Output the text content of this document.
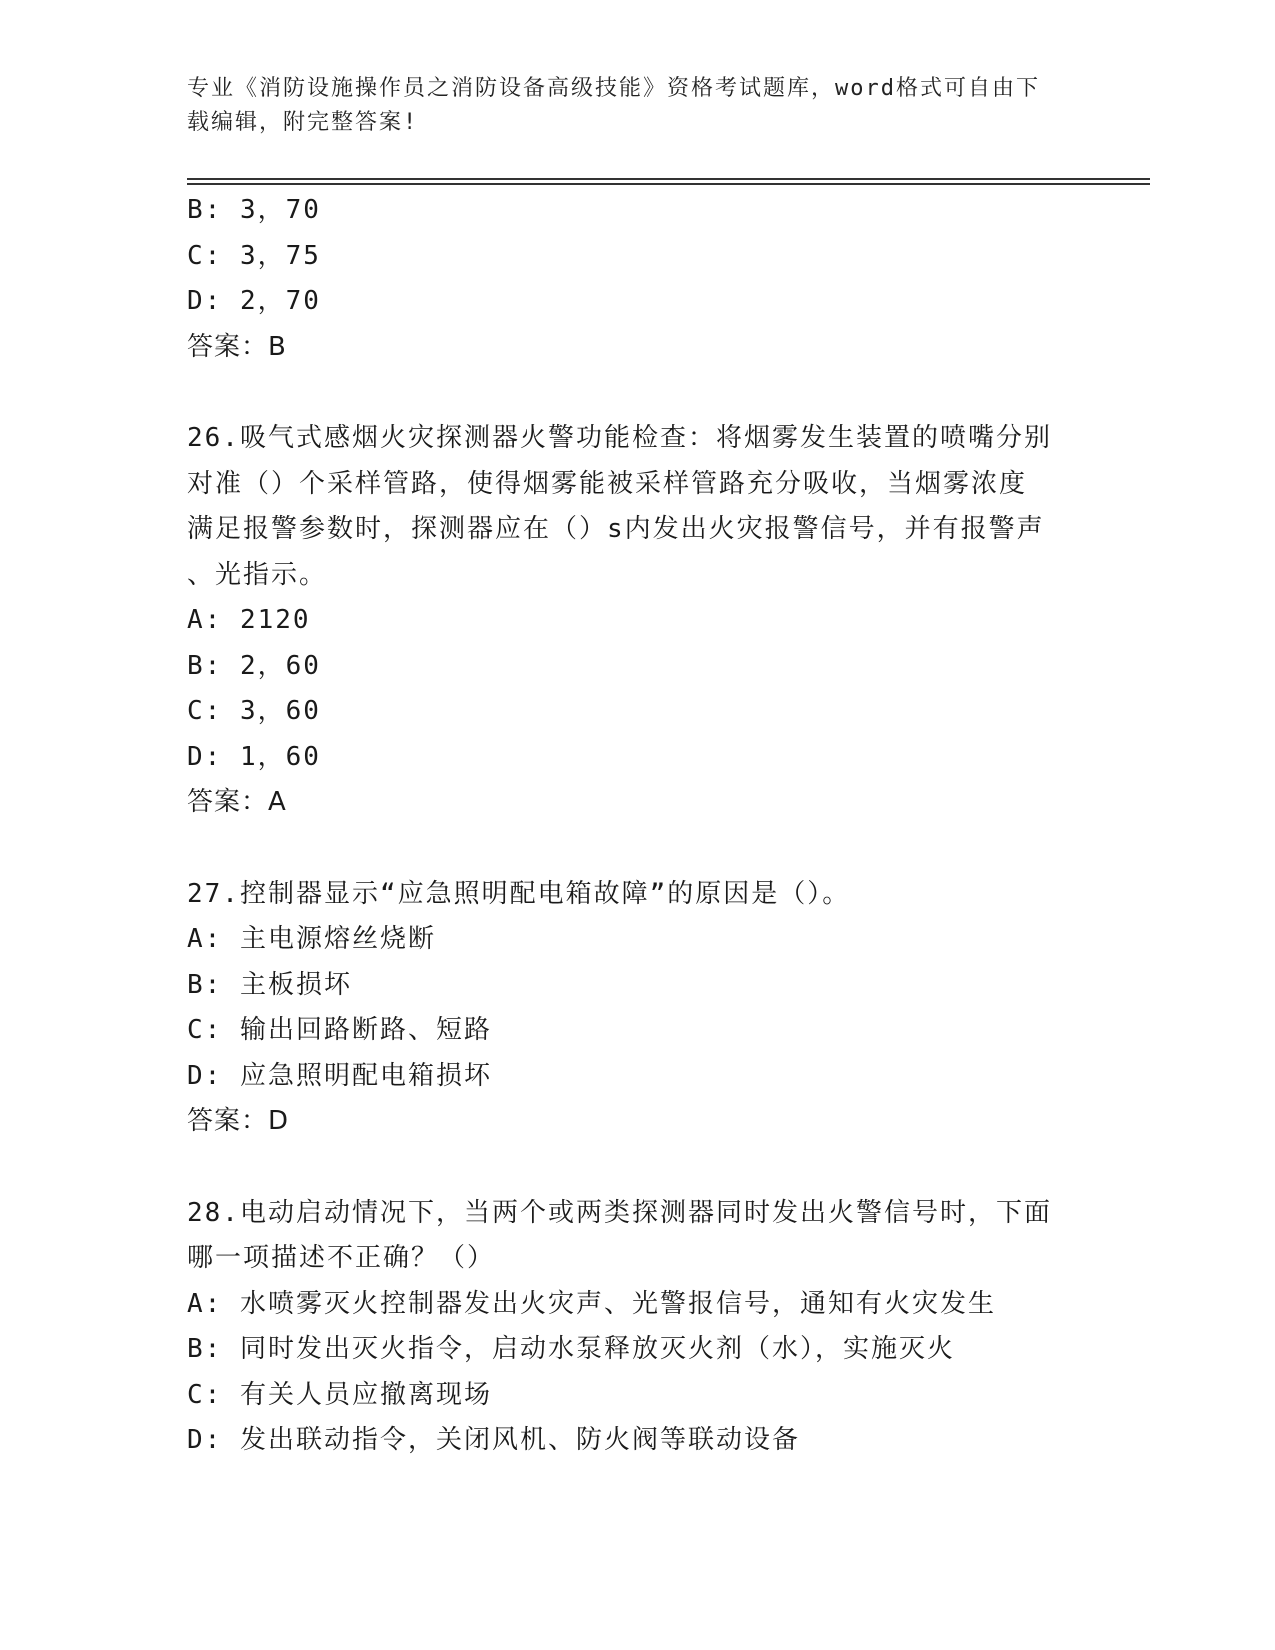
专业《消防设施操作员之消防设备高级技能》资格考试题库，word格式可自由下
载编辑，附完整答案!
B: 3，70
C: 3，75
D: 2，70
答案：B
26.吸气式感烟火灾探测器火警功能检查：将烟雾发生装置的喷嘴分别
对准（）个采样管路，使得烟雾能被采样管路充分吸收，当烟雾浓度
满足报警参数时，探测器应在（）s内发出火灾报警信号，并有报警声
、光指示。
A: 2120
B: 2，60
C: 3，60
D: 1，60
答案：A
27.控制器显示“应急照明配电箱故障”的原因是（）。
A: 主电源熔丝烧断
B: 主板损坏
C: 输出回路断路、短路
D: 应急照明配电箱损坏
答案：D
28.电动启动情况下，当两个或两类探测器同时发出火警信号时，下面
哪一项描述不正确？（）
A: 水喷雾灭火控制器发出火灾声、光警报信号，通知有火灾发生
B: 同时发出灭火指令，启动水泵释放灭火剂（水），实施灭火
C: 有关人员应撤离现场
D: 发出联动指令，关闭风机、防火阀等联动设备
